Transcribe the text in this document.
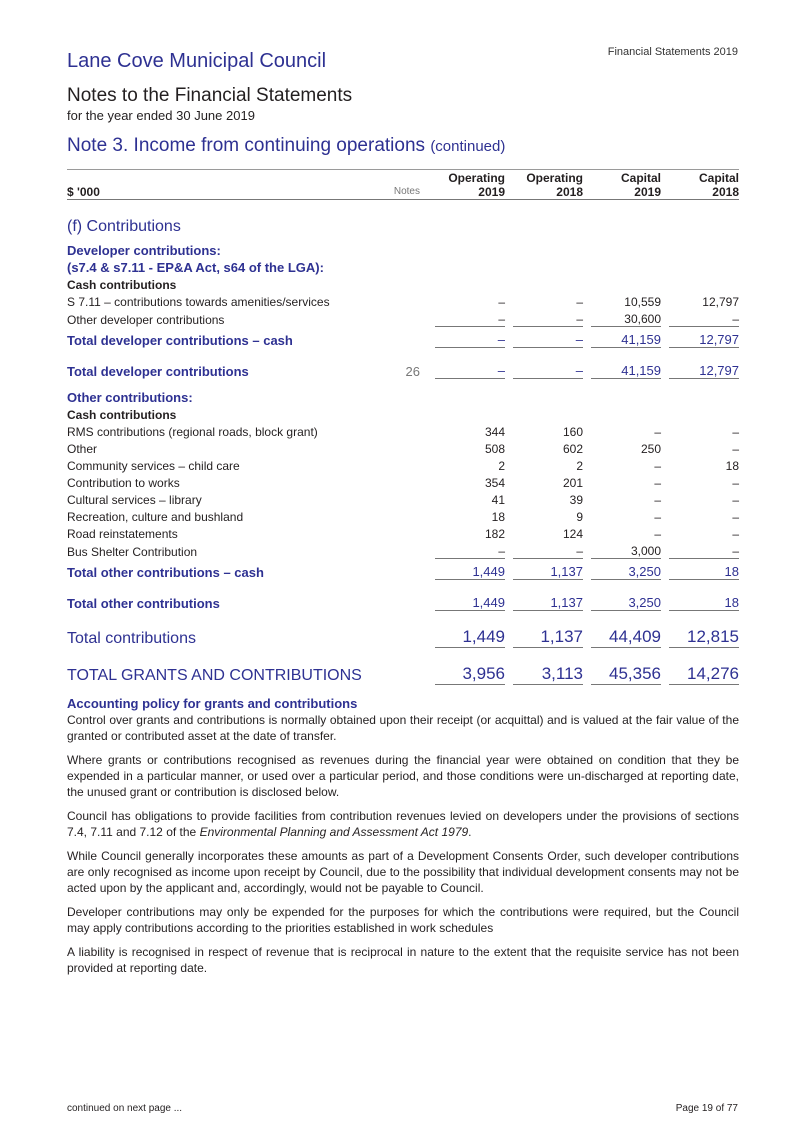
Lane Cove Municipal Council	Financial Statements 2019
Notes to the Financial Statements
for the year ended 30 June 2019
Note 3. Income from continuing operations (continued)
		Operating		Operating		Capital		Capital
$ '000	Notes	2019		2018		2019		2018
(f) Contributions								
Developer contributions:								
(s7.4 & s7.11 - EP&A Act, s64 of the LGA):								
Cash contributions								
S 7.11 – contributions towards amenities/services		–		–		10,559		12,797
Other developer contributions		–		–		30,600		–
Total developer contributions – cash		–		–		41,159		12,797

Total developer contributions	26	–		–		41,159		12,797
Other contributions:								
Cash contributions								
RMS contributions (regional roads, block grant)		344		160		–		–
Other		508		602		250		–
Community services – child care		2		2		–		18
Contribution to works		354		201		–		–
Cultural services – library		41		39		–		–
Recreation, culture and bushland		18		9		–		–
Road reinstatements		182		124		–		–
Bus Shelter Contribution		–		–		3,000		–
Total other contributions – cash		1,449		1,137		3,250		18

Total other contributions		1,449		1,137		3,250		18

Total contributions		1,449		1,137		44,409		12,815

TOTAL GRANTS AND CONTRIBUTIONS		3,956		3,113		45,356		14,276
Accounting policy for grants and contributions

Control over grants and contributions is normally obtained upon their receipt (or acquittal) and is valued at the fair value of the granted or contributed asset at the date of transfer.

Where grants or contributions recognised as revenues during the financial year were obtained on condition that they be expended in a particular manner, or used over a particular period, and those conditions were un-discharged at reporting date, the unused grant or contribution is disclosed below.

Council has obligations to provide facilities from contribution revenues levied on developers under the provisions of sections 7.4, 7.11 and 7.12 of the Environmental Planning and Assessment Act 1979.

While Council generally incorporates these amounts as part of a Development Consents Order, such developer contributions are only recognised as income upon receipt by Council, due to the possibility that individual development consents may not be acted upon by the applicant and, accordingly, would not be payable to Council.

Developer contributions may only be expended for the purposes for which the contributions were required, but the Council may apply contributions according to the priorities established in work schedules

A liability is recognised in respect of revenue that is reciprocal in nature to the extent that the requisite service has not been provided at reporting date.

continued on next page ...	Page 19 of 77
